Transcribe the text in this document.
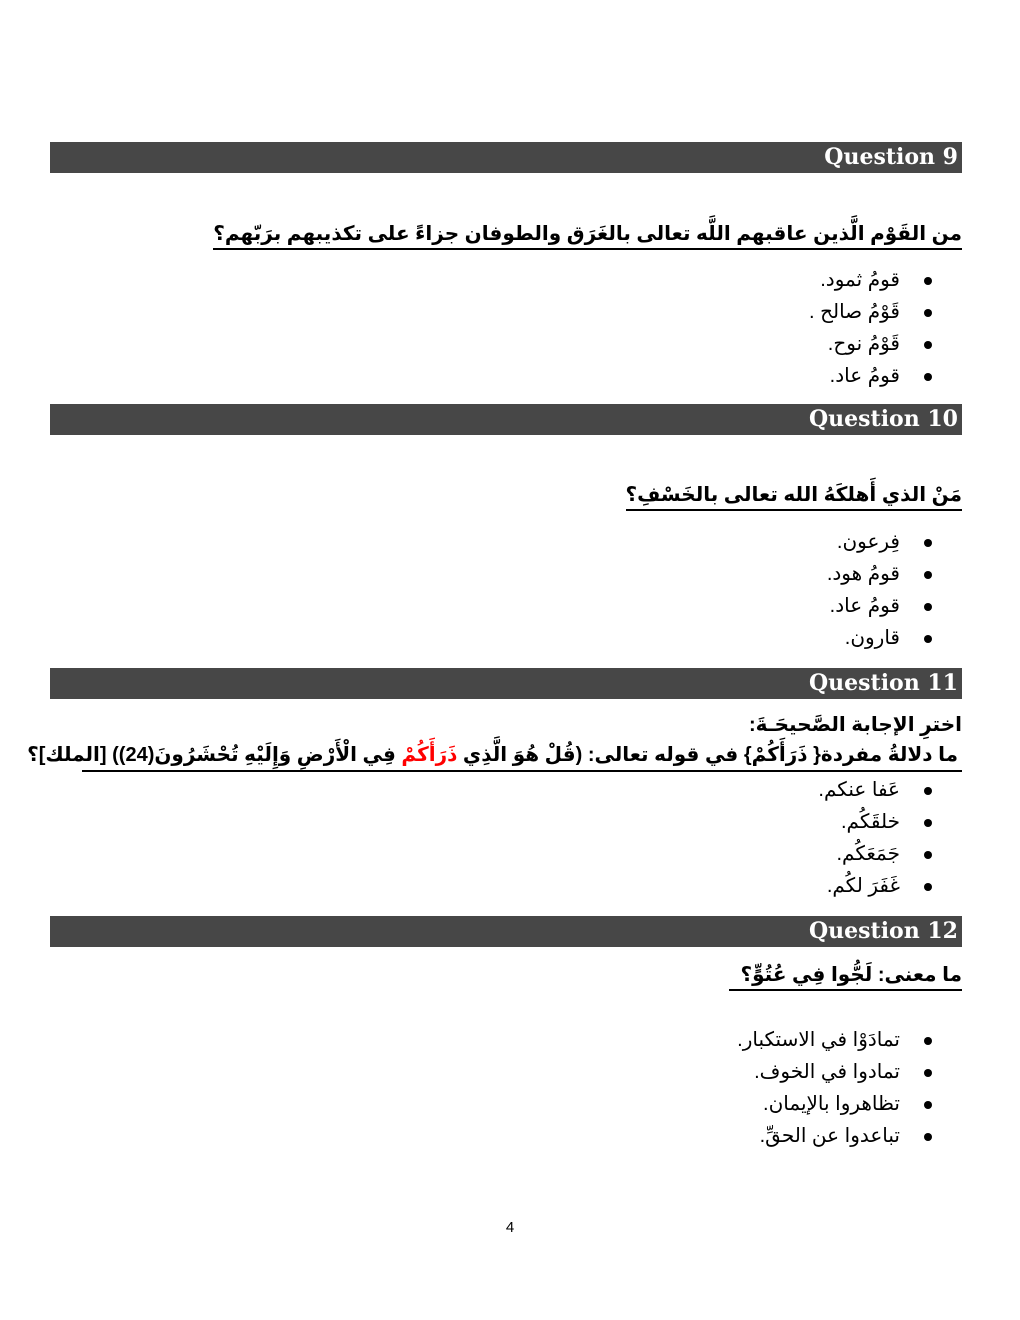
Question 9
من القَوْم الَّذين عاقبهم اللَّه تعالى بالغَرَق والطوفان جزاءً على تكذيبهم برَبّهم؟
قومُ ثمود.
قَوْمُ صالح .
قَوْمُ نوح.
قومُ عاد.
Question 10
مَنْ الذي أَهلكَهُ الله تعالى بالخَسْفِ؟
فِرعون.
قومُ هود.
قومُ عاد.
قارون.
Question 11
اخترِ الإجابة الصَّحيحَـةَ:
ما دلالةُ مفردة{ ذَرَأَكُمْ} في قوله تعالى: (قُلْ هُوَ الَّذِي ذَرَأَكُمْ فِي الْأَرْضِ وَإِلَيْهِ تُحْشَرُونَ(24)) [الملك]؟
عَفا عنكم.
خلقَكُم.
جَمَعَكُم.
غَفَرَ لكُم.
Question 12
ما معنى: لَجُّوا فِي عُتُوٍّ؟
تمادَوْا في الاستكبار.
تمادوا في الخوف.
تظاهروا بالإيمان.
تباعدوا عن الحقِّ.
4
